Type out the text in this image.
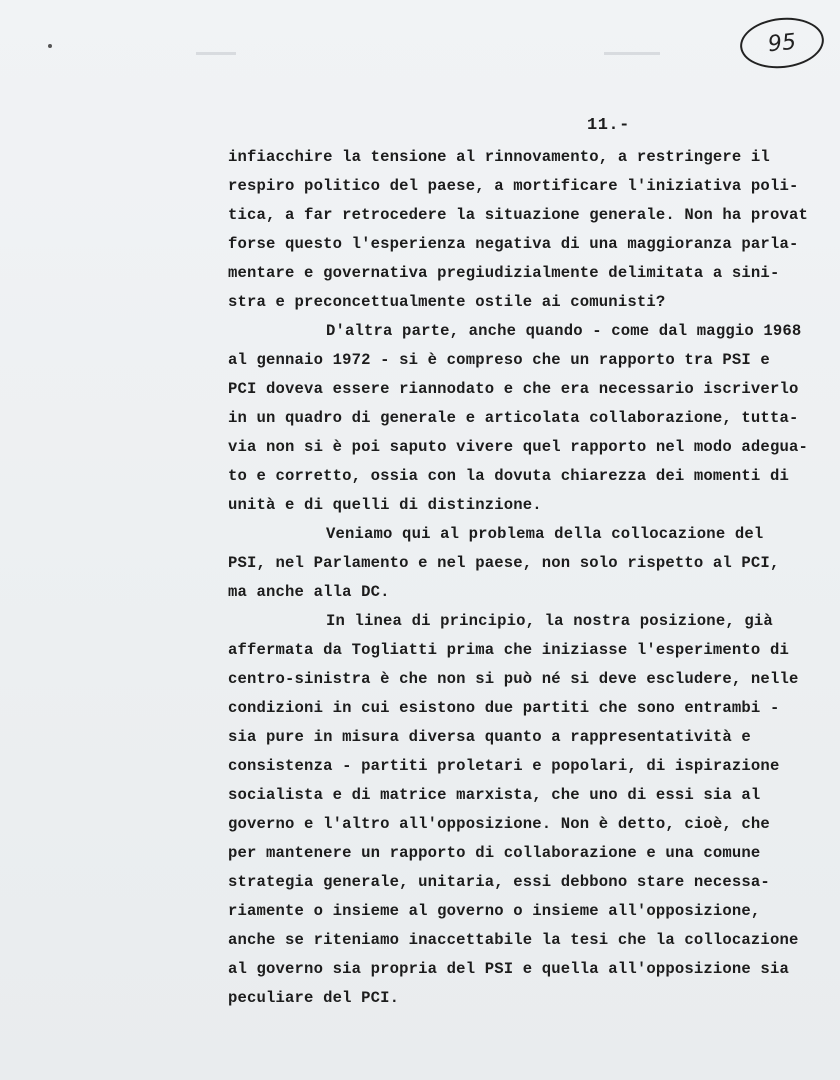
95
11.-
infiacchire la tensione al rinnovamento, a restringere il
respiro politico del paese, a mortificare l'iniziativa poli-
tica, a far retrocedere la situazione generale. Non ha provat
forse questo l'esperienza negativa di una maggioranza parla-
mentare e governativa pregiudizialmente delimitata a sini-
stra e preconcettualmente ostile ai comunisti?
D'altra parte, anche quando - come dal maggio 1968
al gennaio 1972 - si è compreso che un rapporto tra PSI e
PCI doveva essere riannodato e che era necessario iscriverlo
in un quadro di generale e articolata collaborazione, tutta-
via non si è poi saputo vivere quel rapporto nel modo adegua-
to e corretto, ossia con la dovuta chiarezza dei momenti di
unità e di quelli di distinzione.
Veniamo qui al problema della collocazione del
PSI, nel Parlamento e nel paese, non solo rispetto al PCI,
ma anche alla DC.
In linea di principio, la nostra posizione, già
affermata da Togliatti prima che iniziasse l'esperimento di
centro-sinistra è che non si può né si deve escludere, nelle
condizioni in cui esistono due partiti che sono entrambi -
sia pure in misura diversa quanto a rappresentatività e
consistenza - partiti proletari e popolari, di ispirazione
socialista e di matrice marxista, che uno di essi sia al
governo e l'altro all'opposizione. Non è detto, cioè, che
per mantenere un rapporto di collaborazione e una comune
strategia generale, unitaria, essi debbono stare necessa-
riamente o insieme al governo o insieme all'opposizione,
anche se riteniamo inaccettabile la tesi che la collocazione
al governo sia propria del PSI e quella all'opposizione sia
peculiare del PCI.
